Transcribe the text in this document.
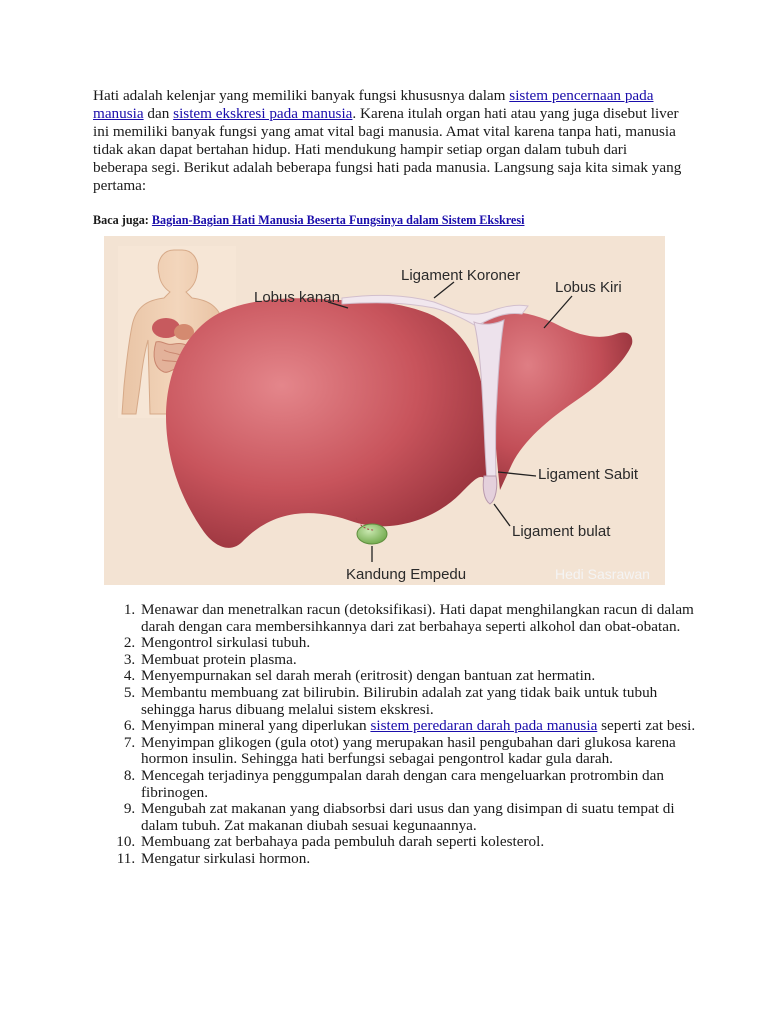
Hati adalah kelenjar yang memiliki banyak fungsi khususnya dalam sistem pencernaan pada manusia dan sistem ekskresi pada manusia. Karena itulah organ hati atau yang juga disebut liver ini memiliki banyak fungsi yang amat vital bagi manusia. Amat vital karena tanpa hati, manusia tidak akan dapat bertahan hidup. Hati mendukung hampir setiap organ dalam tubuh dari beberapa segi. Berikut adalah beberapa fungsi hati pada manusia. Langsung saja kita simak yang pertama:

Baca juga: Bagian-Bagian Hati Manusia Beserta Fungsinya dalam Sistem Ekskresi

Lobus kanan
Ligament Koroner
Lobus Kiri
Ligament Sabit
Ligament bulat
Kandung Empedu	Hedi Sasrawan
1. Menawar dan menetralkan racun (detoksifikasi). Hati dapat menghilangkan racun di dalam darah dengan cara membersihkannya dari zat berbahaya seperti alkohol dan obat-obatan.
2. Mengontrol sirkulasi tubuh.
3. Membuat protein plasma.
4. Menyempurnakan sel darah merah (eritrosit) dengan bantuan zat hermatin.
5. Membantu membuang zat bilirubin. Bilirubin adalah zat yang tidak baik untuk tubuh sehingga harus dibuang melalui sistem ekskresi.
6. Menyimpan mineral yang diperlukan sistem peredaran darah pada manusia seperti zat besi.
7. Menyimpan glikogen (gula otot) yang merupakan hasil pengubahan dari glukosa karena hormon insulin. Sehingga hati berfungsi sebagai pengontrol kadar gula darah.
8. Mencegah terjadinya penggumpalan darah dengan cara mengeluarkan protrombin dan fibrinogen.
9. Mengubah zat makanan yang diabsorbsi dari usus dan yang disimpan di suatu tempat di dalam tubuh. Zat makanan diubah sesuai kegunaannya.
10. Membuang zat berbahaya pada pembuluh darah seperti kolesterol.
11. Mengatur sirkulasi hormon.
